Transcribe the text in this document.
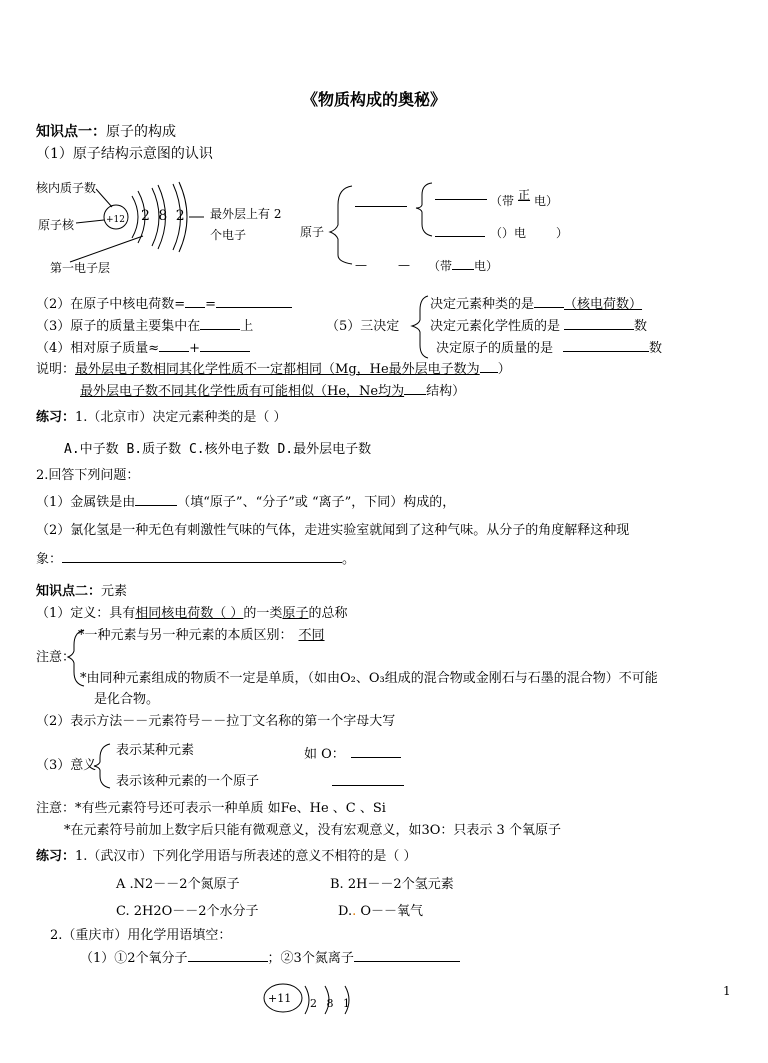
《物质构成的奥秘》
知识点一：原子的构成
（1）原子结构示意图的认识
核内质子数
原子核
第一电子层
+12 2 8 2 最外层上有 2
个电子	原子
（带 正 电）
（）电 ）
—	— （带 电）
（2）在原子中核电荷数= =
（3）原子的质量主要集中在	上
（4）相对原子质量≈ +
（5）三决定
决定元素种类的是 （核电荷数）
决定元素化学性质的是	数
决定原子的质量的是	数
说明：最外层电子数相同其化学性质不一定都相同（Mg，He最外层电子数为 ）
最外层电子数不同其化学性质有可能相似（He，Ne均为 结构）
练习：1.（北京市）决定元素种类的是（ ）
A.中子数 B.质子数 C.核外电子数 D.最外层电子数
2.回答下列问题：
（1）金属铁是由	（填“原子”、“分子”或 “离子”，下同）构成的，
（2）氯化氢是一种无色有刺激性气味的气体，走进实验室就闻到了这种气味。从分子的角度解释这种现
象：	。
知识点二：元素
（1）定义：具有相同核电荷数（ ）的一类原子的总称
注意：
*一种元素与另一种元素的本质区别： 不同
*由同种元素组成的物质不一定是单质，（如由O₂、O₃组成的混合物或金刚石与石墨的混合物）不可能
是化合物。
（2）表示方法－－元素符号－－拉丁文名称的第一个字母大写
（3）意义
表示某种元素
表示该种元素的一个原子
如 O：
注意：*有些元素符号还可表示一种单质 如Fe、He 、C 、Si
*在元素符号前加上数字后只能有微观意义，没有宏观意义，如3O：只表示 3 个氧原子
练习：1.（武汉市）下列化学用语与所表述的意义不相符的是（ ）
A .N2－－2个氮原子	B. 2H－－2个氢元素
C. 2H2O－－2个水分子	D.. O－－氧气
2.（重庆市）用化学用语填空：
（1）①2个氧分子	；②3个氮离子
+11 2 8 1
1
